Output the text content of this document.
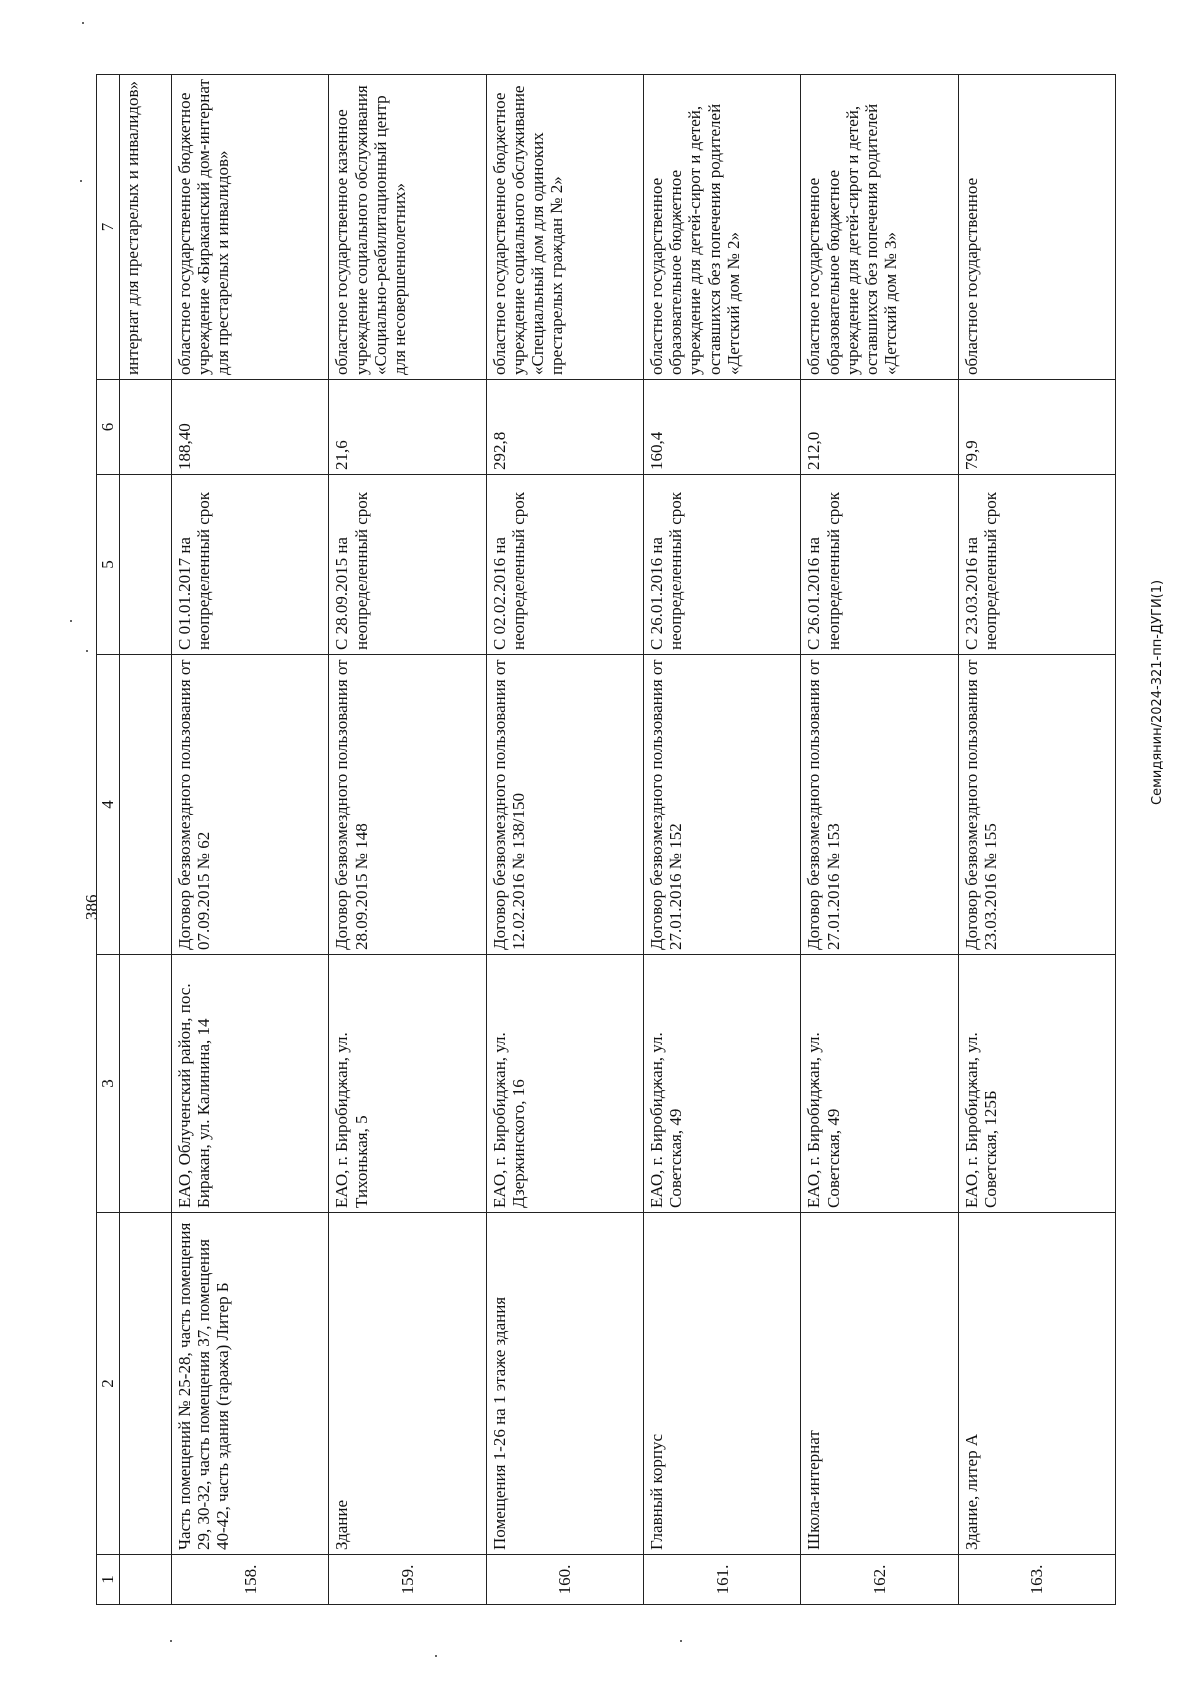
386
Семидянин/2024-321-пп-ДУГИ(1)
1	2	3	4	5	6	7
						интернат для престарелых и инвалидов»
158.	Часть помещений № 25-28, часть помещения 29, 30-32, часть помещения 37, помещения 40-42, часть здания (гаража) Литер Б	ЕАО, Облученский район, пос. Биракан, ул. Калинина, 14	Договор безвозмездного пользования от 07.09.2015 № 62	С 01.01.2017 на неопределенный срок	188,40	областное государственное бюджетное учреждение «Бираканский дом-интернат для престарелых и инвалидов»
159.	Здание	ЕАО, г. Биробиджан, ул. Тихонькая, 5	Договор безвозмездного пользования от 28.09.2015 № 148	С 28.09.2015 на неопределенный срок	21,6	областное государственное казенное учреждение социального обслуживания «Социально-реабилитационный центр для несовершеннолетних»
160.	Помещения 1-26 на 1 этаже здания	ЕАО, г. Биробиджан, ул. Дзержинского, 16	Договор безвозмездного пользования от 12.02.2016 № 138/150	С 02.02.2016 на неопределенный срок	292,8	областное государственное бюджетное учреждение социального обслуживание «Специальный дом для одиноких престарелых граждан № 2»
161.	Главный корпус	ЕАО, г. Биробиджан, ул. Советская, 49	Договор безвозмездного пользования от 27.01.2016 № 152	С 26.01.2016 на неопределенный срок	160,4	областное государственное образовательное бюджетное учреждение для детей-сирот и детей, оставшихся без попечения родителей «Детский дом № 2»
162.	Школа-интернат	ЕАО, г. Биробиджан, ул. Советская, 49	Договор безвозмездного пользования от 27.01.2016 № 153	С 26.01.2016 на неопределенный срок	212,0	областное государственное образовательное бюджетное учреждение для детей-сирот и детей, оставшихся без попечения родителей «Детский дом № 3»
163.	Здание, литер А	ЕАО, г. Биробиджан, ул. Советская, 125Б	Договор безвозмездного пользования от 23.03.2016 № 155	С 23.03.2016 на неопределенный срок	79,9	областное государственное
